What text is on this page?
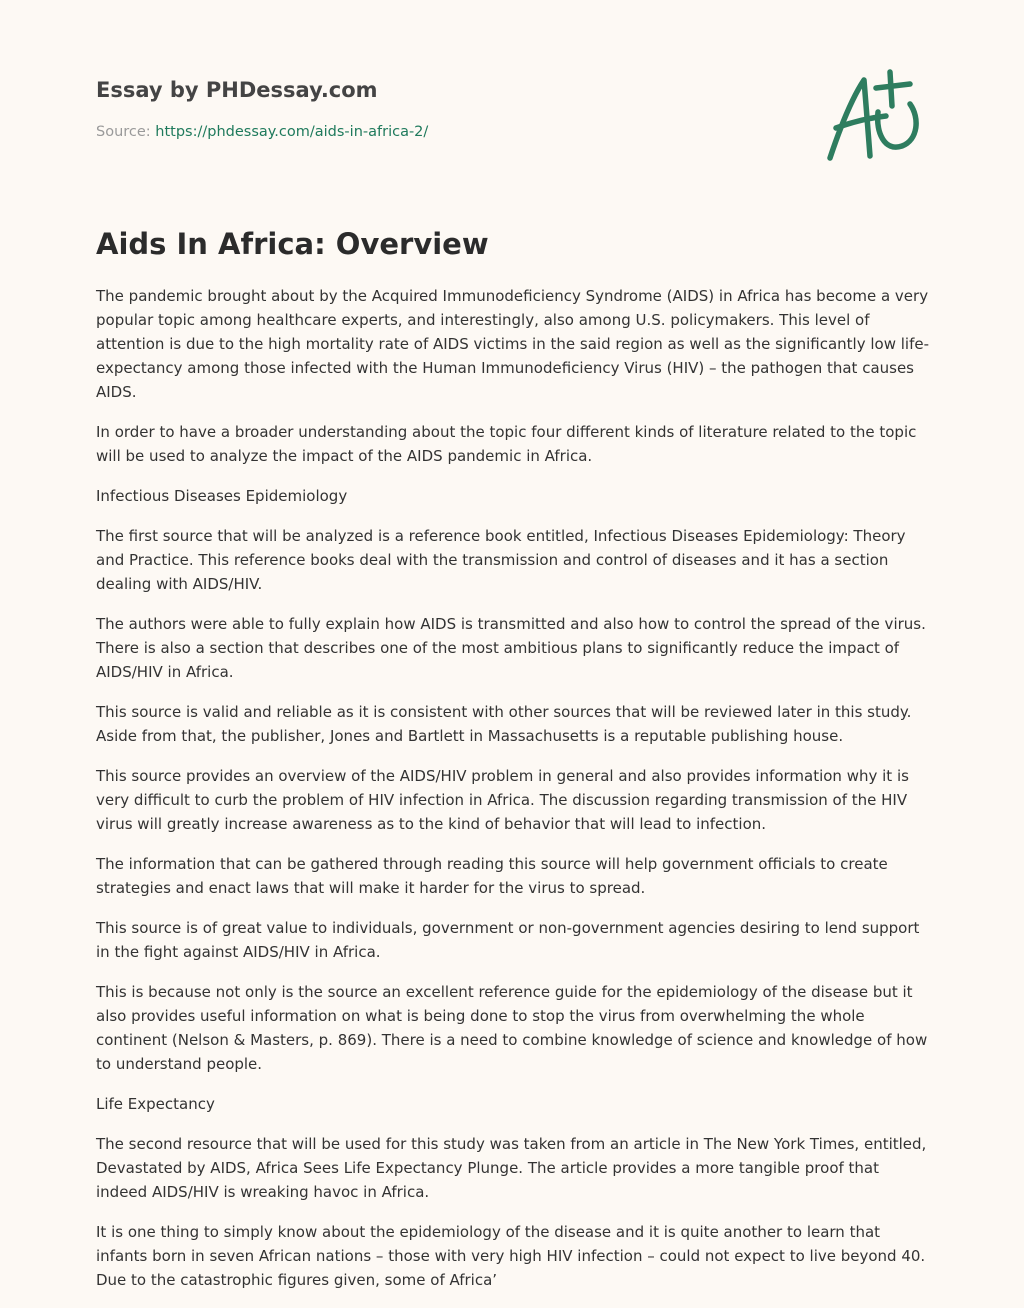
Essay by PHDessay.com
Source: https://phdessay.com/aids-in-africa-2/
Aids In Africa: Overview

The pandemic brought about by the Acquired Immunodeficiency Syndrome (AIDS) in Africa has become a very popular topic among healthcare experts, and interestingly, also among U.S. policymakers. This level of attention is due to the high mortality rate of AIDS victims in the said region as well as the significantly low life-expectancy among those infected with the Human Immunodeficiency Virus (HIV) – the pathogen that causes AIDS.

In order to have a broader understanding about the topic four different kinds of literature related to the topic will be used to analyze the impact of the AIDS pandemic in Africa.

Infectious Diseases Epidemiology

The first source that will be analyzed is a reference book entitled, Infectious Diseases Epidemiology: Theory and Practice. This reference books deal with the transmission and control of diseases and it has a section dealing with AIDS/HIV.

The authors were able to fully explain how AIDS is transmitted and also how to control the spread of the virus. There is also a section that describes one of the most ambitious plans to significantly reduce the impact of AIDS/HIV in Africa.

This source is valid and reliable as it is consistent with other sources that will be reviewed later in this study. Aside from that, the publisher, Jones and Bartlett in Massachusetts is a reputable publishing house.

This source provides an overview of the AIDS/HIV problem in general and also provides information why it is very difficult to curb the problem of HIV infection in Africa. The discussion regarding transmission of the HIV virus will greatly increase awareness as to the kind of behavior that will lead to infection.

The information that can be gathered through reading this source will help government officials to create strategies and enact laws that will make it harder for the virus to spread.

This source is of great value to individuals, government or non-government agencies desiring to lend support in the fight against AIDS/HIV in Africa.

This is because not only is the source an excellent reference guide for the epidemiology of the disease but it also provides useful information on what is being done to stop the virus from overwhelming the whole continent (Nelson & Masters, p. 869). There is a need to combine knowledge of science and knowledge of how to understand people.

Life Expectancy

The second resource that will be used for this study was taken from an article in The New York Times, entitled, Devastated by AIDS, Africa Sees Life Expectancy Plunge. The article provides a more tangible proof that indeed AIDS/HIV is wreaking havoc in Africa.

It is one thing to simply know about the epidemiology of the disease and it is quite another to learn that infants born in seven African nations – those with very high HIV infection – could not expect to live beyond 40. Due to the catastrophic figures given, some of Africa’
